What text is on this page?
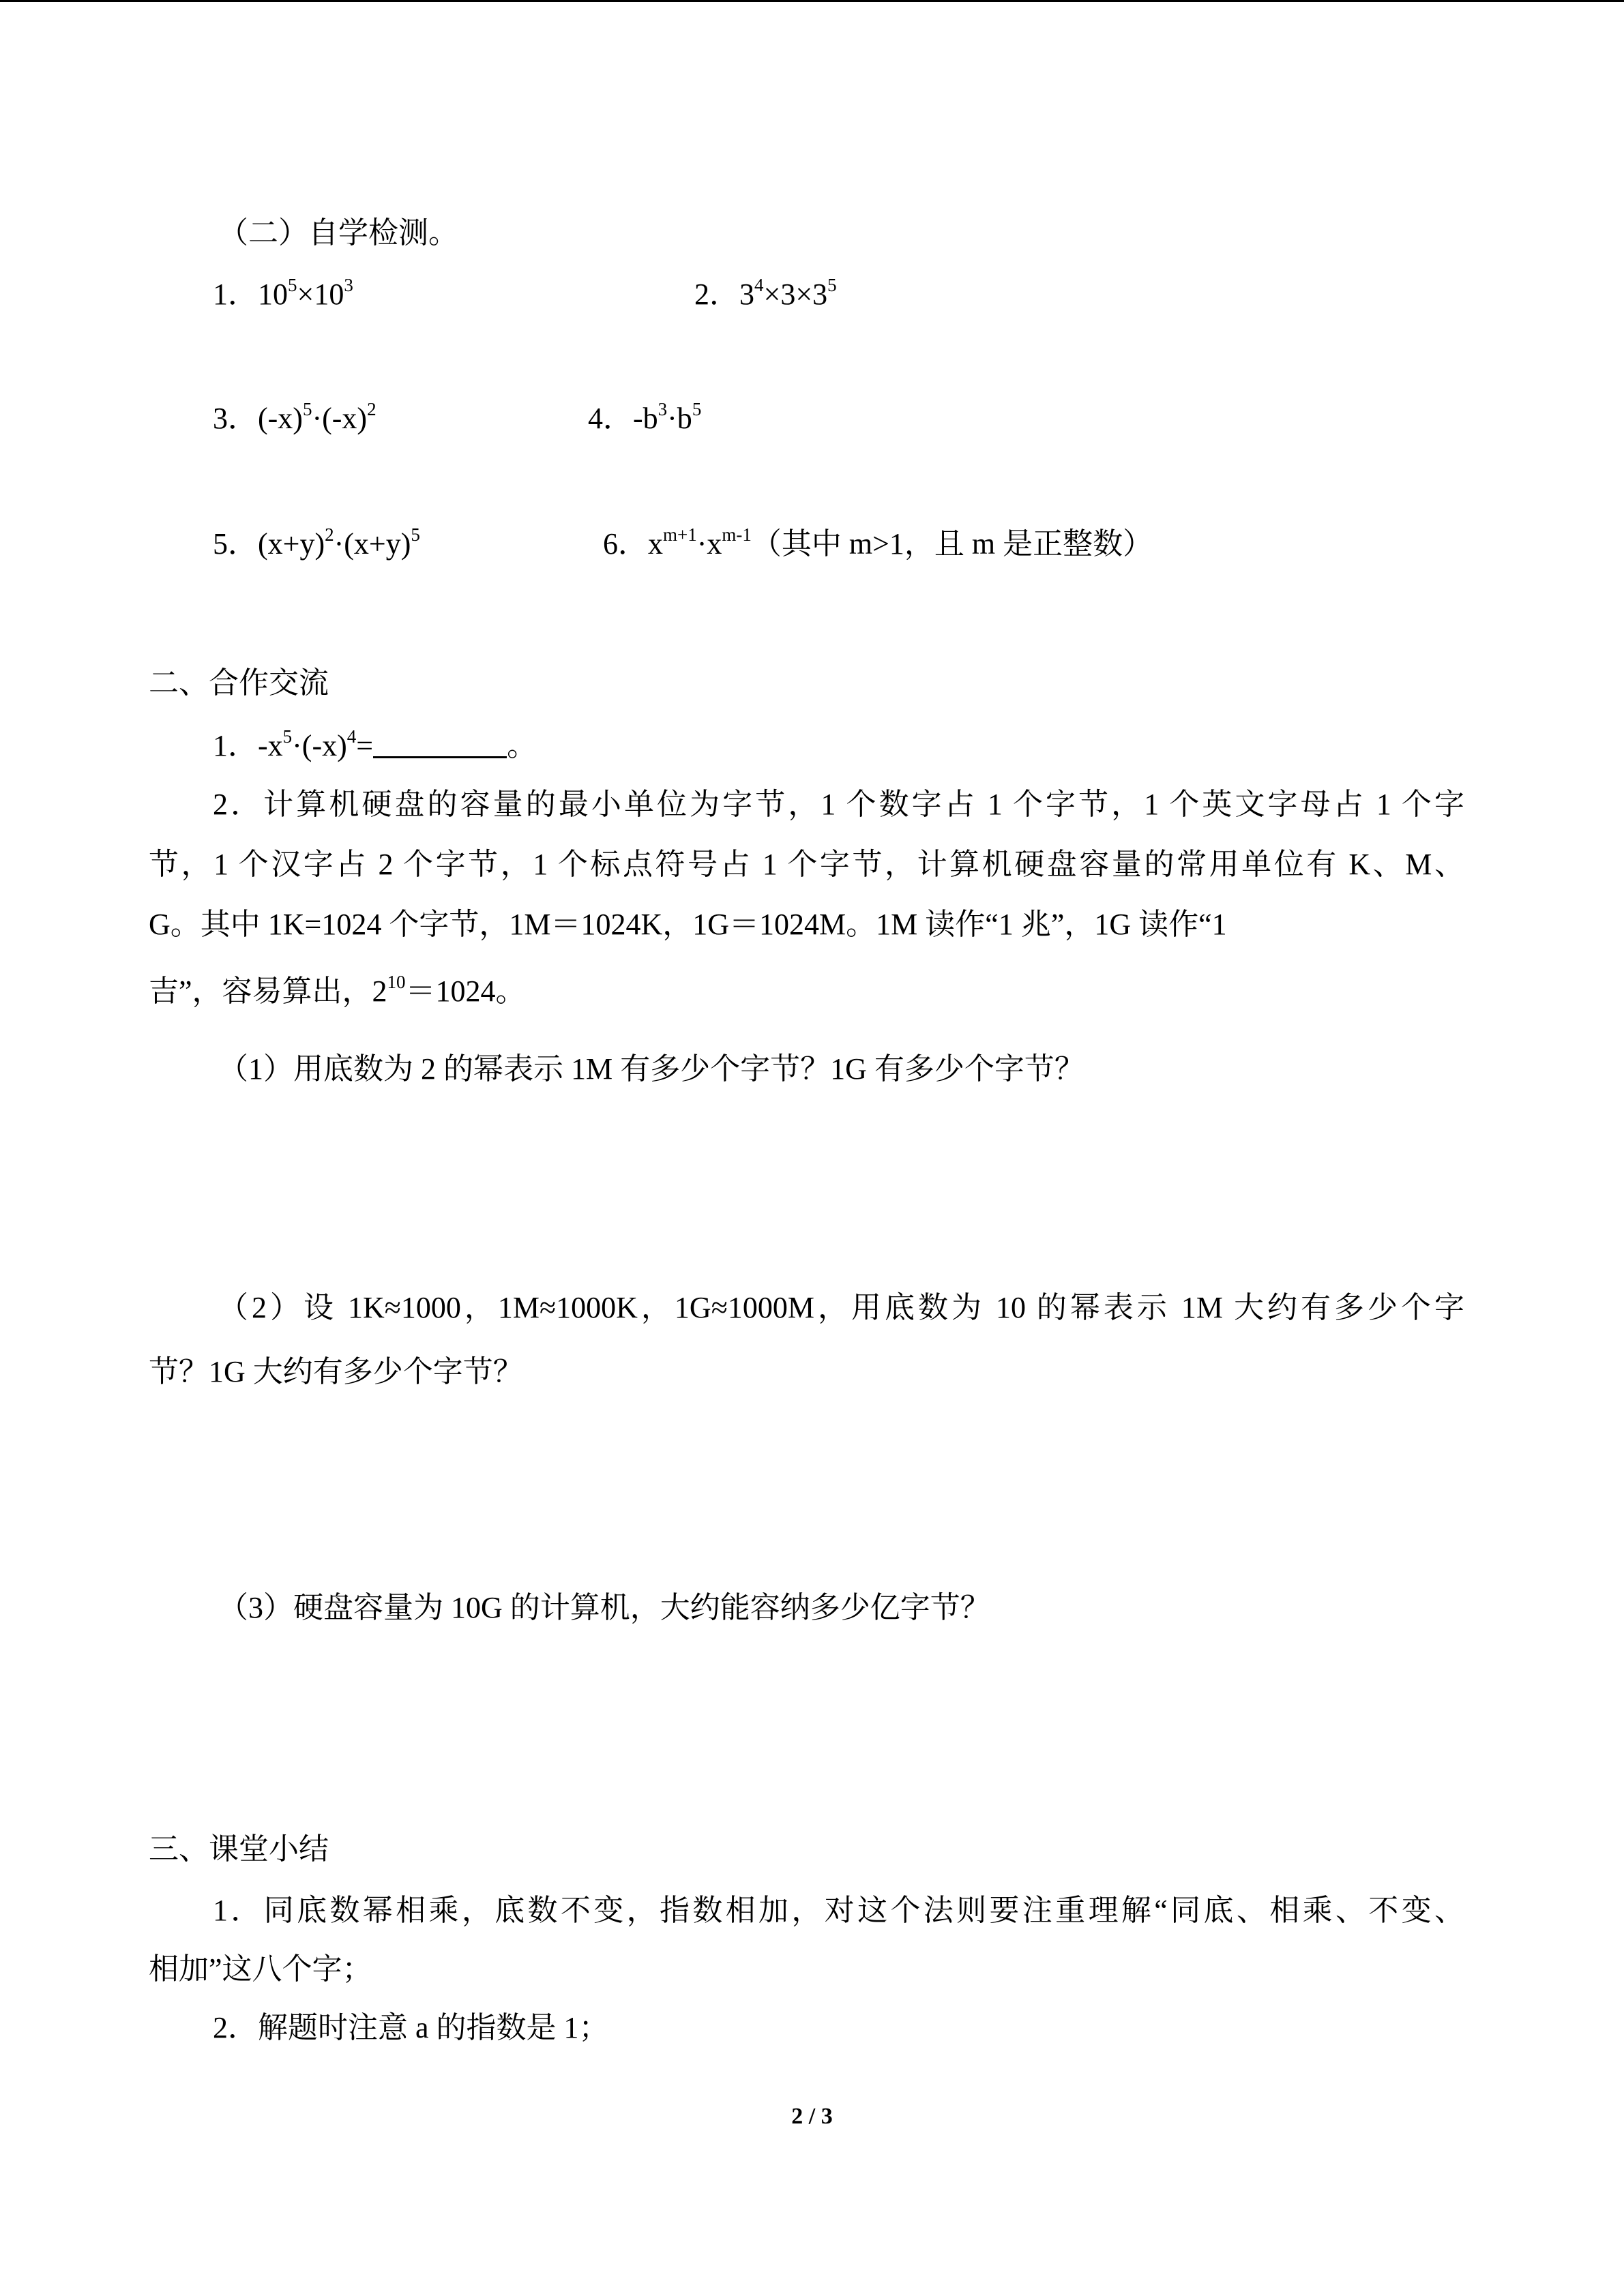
（二）自学检测。
1．$10^5\times 10^3$	2．$3^4\times 3\times 3^5$
3．$(-x)^5\cdot(-x)^2$	4．$-b^3\cdot b^5$
5．$(x+y)^2\cdot(x+y)^5$	6．$x^{m+1}\cdot x^{m-1}$（其中 m>1，且 m 是正整数）
二、合作交流
1．$-x^5\cdot(-x)^4=$	。
2．计算机硬盘的容量的最小单位为字节，1 个数字占 1 个字节，1 个英文字母占 1 个字
节，1 个汉字占 2 个字节，1 个标点符号占 1 个字节，计算机硬盘容量的常用单位有 K、M、
G。其中 1K=1024 个字节，1M＝1024K，1G＝1024M。1M 读作“1 兆”，1G 读作“1
吉”，容易算出，$2^{10}=1024$。
（1）用底数为 2 的幂表示 1M 有多少个字节？1G 有多少个字节？
（2）设 1K≈1000，1M≈1000K，1G≈1000M，用底数为 10 的幂表示 1M 大约有多少个字
节？1G 大约有多少个字节？
（3）硬盘容量为 10G 的计算机，大约能容纳多少亿字节？
三、课堂小结
1．同底数幂相乘，底数不变，指数相加，对这个法则要注重理解“同底、相乘、不变、
相加”这八个字；
2．解题时注意 a 的指数是 1；
2 / 3
